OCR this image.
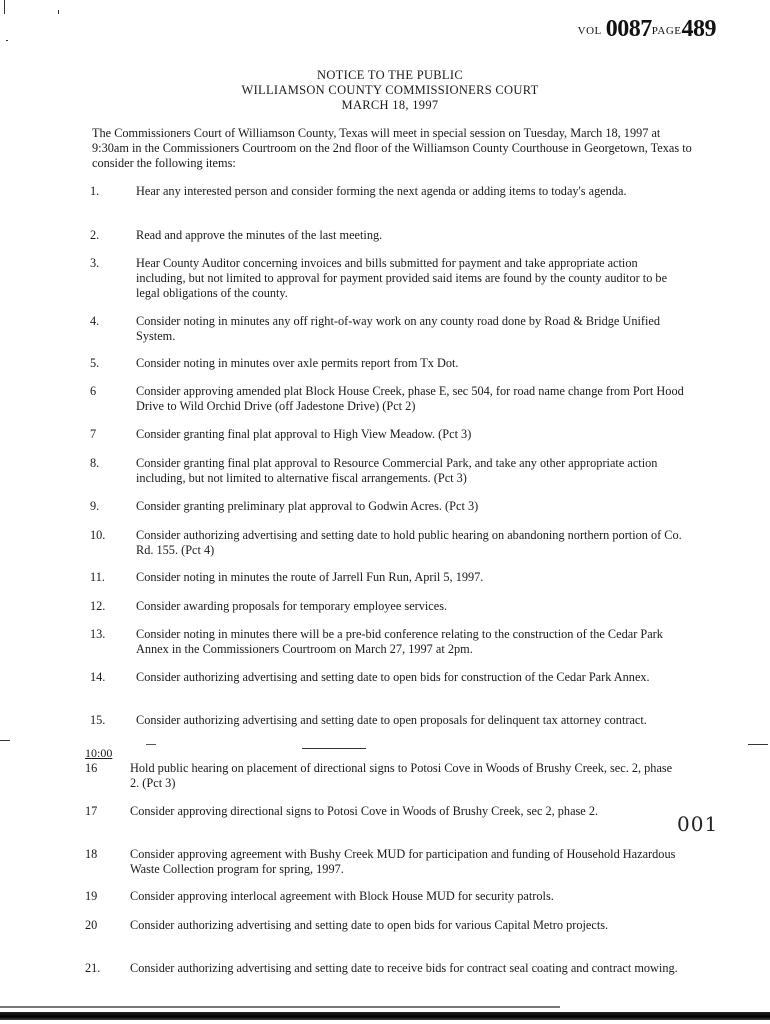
VOL 0087PAGE489
NOTICE TO THE PUBLIC
WILLIAMSON COUNTY COMMISSIONERS COURT
MARCH 18, 1997
The Commissioners Court of Williamson County, Texas will meet in special session on Tuesday, March 18, 1997 at 9:30am in the Commissioners Courtroom on the 2nd floor of the Williamson County Courthouse in Georgetown, Texas to consider the following items:
1.	Hear any interested person and consider forming the next agenda or adding items to today's agenda.
2.	Read and approve the minutes of the last meeting.
3.	Hear County Auditor concerning invoices and bills submitted for payment and take appropriate action including, but not limited to approval for payment provided said items are found by the county auditor to be legal obligations of the county.
4.	Consider noting in minutes any off right-of-way work on any county road done by Road & Bridge Unified System.
5.	Consider noting in minutes over axle permits report from Tx Dot.
6	Consider approving amended plat Block House Creek, phase E, sec 504, for road name change from Port Hood Drive to Wild Orchid Drive (off Jadestone Drive) (Pct 2)
7	Consider granting final plat approval to High View Meadow. (Pct 3)
8.	Consider granting final plat approval to Resource Commercial Park, and take any other appropriate action including, but not limited to alternative fiscal arrangements. (Pct 3)
9.	Consider granting preliminary plat approval to Godwin Acres. (Pct 3)
10. Consider authorizing advertising and setting date to hold public hearing on abandoning northern portion of Co. Rd. 155. (Pct 4)
11.	Consider noting in minutes the route of Jarrell Fun Run, April 5, 1997.
12. Consider awarding proposals for temporary employee services.
13. Consider noting in minutes there will be a pre-bid conference relating to the construction of the Cedar Park Annex in the Commissioners Courtroom on March 27, 1997 at 2pm.
14. Consider authorizing advertising and setting date to open bids for construction of the Cedar Park Annex.
15. Consider authorizing advertising and setting date to open proposals for delinquent tax attorney contract.
10:00
16	Hold public hearing on placement of directional signs to Potosi Cove in Woods of Brushy Creek, sec. 2, phase 2. (Pct 3)
17	Consider approving directional signs to Potosi Cove in Woods of Brushy Creek, sec 2, phase 2.
18	Consider approving agreement with Bushy Creek MUD for participation and funding of Household Hazardous Waste Collection program for spring, 1997.
19	Consider approving interlocal agreement with Block House MUD for security patrols.
20	Consider authorizing advertising and setting date to open bids for various Capital Metro projects.
21. Consider authorizing advertising and setting date to receive bids for contract seal coating and contract mowing.
001
